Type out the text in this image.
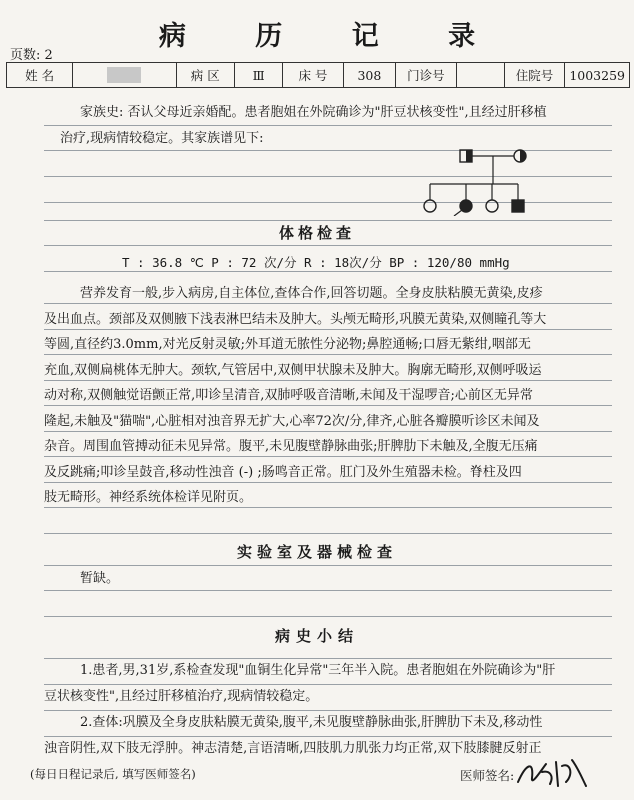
病 历 记 录
页数: 2
姓 名		病 区	Ⅲ	床 号	308	门诊号		住院号	1003259
家族史: 否认父母近亲婚配。患者胞姐在外院确诊为"肝豆状核变性",且经过肝移植
治疗,现病情较稳定。其家族谱见下:
体格检查
T : 36.8 ℃ P : 72 次/分 R : 18次/分 BP : 120/80 mmHg
营养发育一般,步入病房,自主体位,查体合作,回答切题。全身皮肤粘膜无黄染,皮疹
及出血点。颈部及双侧腋下浅表淋巴结未及肿大。头颅无畸形,巩膜无黄染,双侧瞳孔等大
等圆,直径约3.0mm,对光反射灵敏;外耳道无脓性分泌物;鼻腔通畅;口唇无紫绀,咽部无
充血,双侧扁桃体无肿大。颈软,气管居中,双侧甲状腺未及肿大。胸廓无畸形,双侧呼吸运
动对称,双侧触觉语颤正常,叩诊呈清音,双肺呼吸音清晰,未闻及干湿啰音;心前区无异常
隆起,未触及"猫喘",心脏相对浊音界无扩大,心率72次/分,律齐,心脏各瓣膜听诊区未闻及
杂音。周围血管搏动征未见异常。腹平,未见腹壁静脉曲张;肝脾肋下未触及,全腹无压痛
及反跳痛;叩诊呈鼓音,移动性浊音 (-) ;肠鸣音正常。肛门及外生殖器未检。脊柱及四
肢无畸形。神经系统体检详见附页。
实验室及器械检查
暂缺。
病史小结
1.患者,男,31岁,系检查发现"血铜生化异常"三年半入院。患者胞姐在外院确诊为"肝
豆状核变性",且经过肝移植治疗,现病情较稳定。
2.查体:巩膜及全身皮肤粘膜无黄染,腹平,未见腹壁静脉曲张,肝脾肋下未及,移动性
浊音阴性,双下肢无浮肿。神志清楚,言语清晰,四肢肌力肌张力均正常,双下肢膝腱反射正
(每日日程记录后, 填写医师签名)	医师签名:
